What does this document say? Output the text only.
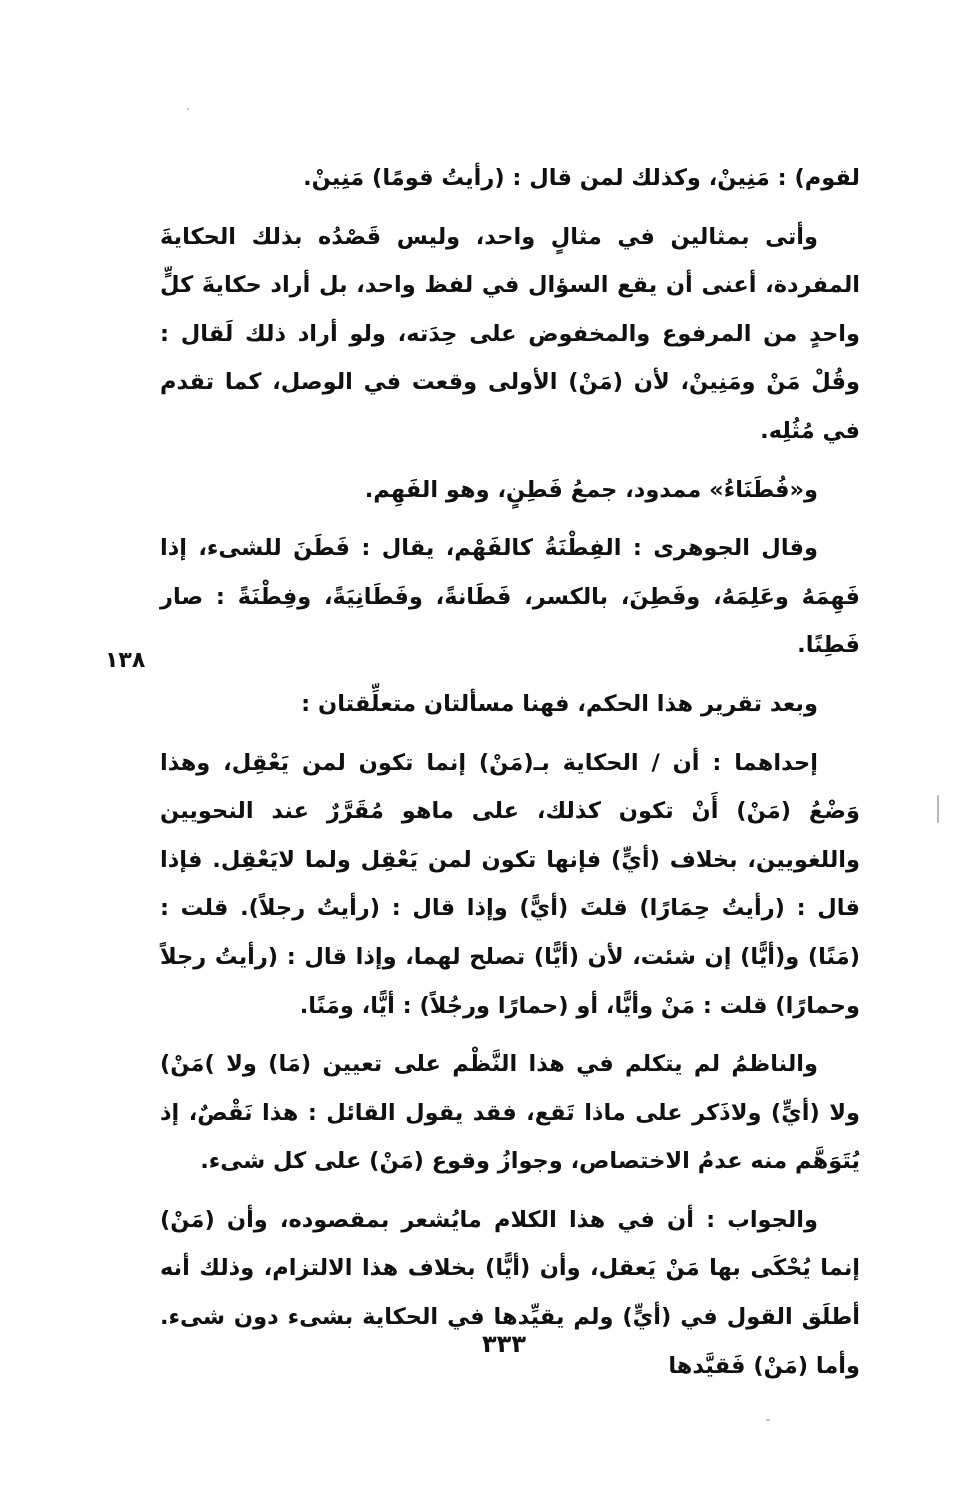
لقوم) : مَنِينْ، وكذلك لمن قال : (رأيتُ قومًا) مَنِينْ.

وأتى بمثالين في مثالٍ واحد، وليس قَصْدُه بذلك الحكايةَ المفردة، أعنى أن يقع السؤال في لفظ واحد، بل أراد حكايةَ كلٍّ واحدٍ من المرفوع والمخفوض على حِدَته، ولو أراد ذلك لَقال : وقُلْ مَنْ ومَنِينْ، لأن (مَنْ) الأولى وقعت في الوصل، كما تقدم في مُثُلِه.

و«فُطَنَاءُ» ممدود، جمعُ فَطِنٍ، وهو الفَهِم.

وقال الجوهرى : الفِطْنَةُ كالفَهْم، يقال : فَطَنَ للشىء، إذا فَهِمَهُ وعَلِمَهُ، وفَطِنَ، بالكسر، فَطَانةً، وفَطَانِيَةً، وفِطْنَةً : صار فَطِنًا.

وبعد تقرير هذا الحكم، فهنا مسألتان متعلِّقتان :

إحداهما : أن / الحكاية بـ(مَنْ) إنما تكون لمن يَعْقِل، وهذا وَضْعُ (مَنْ) أَنْ تكون كذلك، على ماهو مُقَرَّرٌ عند النحويين واللغويين، بخلاف (أيٍّ) فإنها تكون لمن يَعْقِل ولما لايَعْقِل. فإذا قال : (رأيتُ حِمَارًا) قلتَ (أيًّ) وإذا قال : (رأيتُ رجلاً). قلت : (مَنًا) و(أيًّا) إن شئت، لأن (أيًّا) تصلح لهما، وإذا قال : (رأيتُ رجلاً وحمارًا) قلت : مَنْ وأيًّا، أو (حمارًا ورجُلاً) : أيًّا، ومَنًا.

والناظمُ لم يتكلم في هذا النَّظْم على تعيين (مَا) ولا )مَنْ) ولا (أيٍّ) ولاذَكر على ماذا تَقع، فقد يقول القائل : هذا نَقْصٌ، إذ يُتَوَهَّم منه عدمُ الاختصاص، وجوازُ وقوع (مَنْ) على كل شىء.

والجواب : أن في هذا الكلام مايُشعر بمقصوده، وأن (مَنْ) إنما يُحْكَى بها مَنْ يَعقل، وأن (أيًّا) بخلاف هذا الالتزام، وذلك أنه أطلَق القول في (أيٍّ) ولم يقيِّدها في الحكاية بشىء دون شىء. وأما (مَنْ) فَقيَّدها

١٣٨
٣٣٣
